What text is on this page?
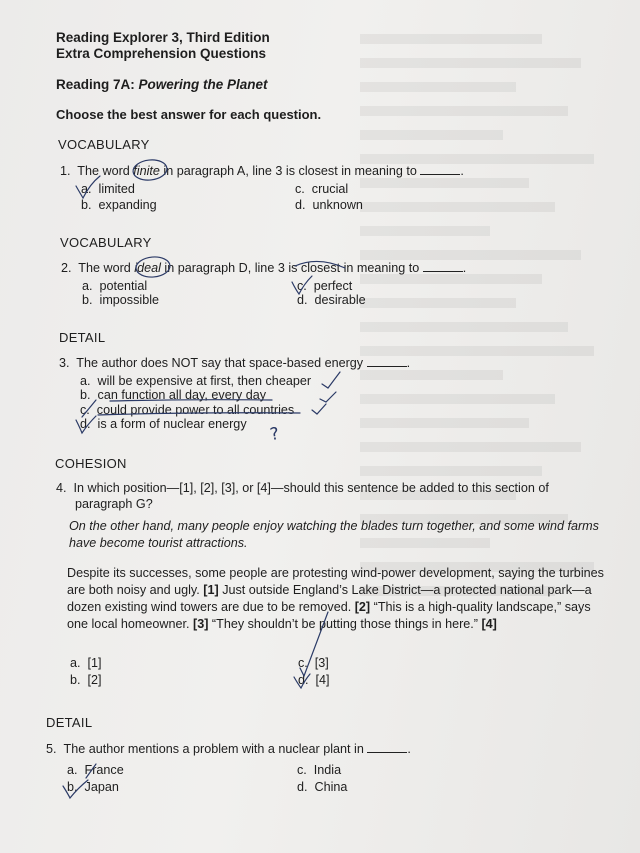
Reading Explorer 3, Third Edition
Extra Comprehension Questions
Reading 7A: Powering the Planet
Choose the best answer for each question.
VOCABULARY
1. The word finite in paragraph A, line 3 is closest in meaning to	.
a. limited
b. expanding
c. crucial
d. unknown
VOCABULARY
2. The word ideal in paragraph D, line 3 is closest in meaning to	.
a. potential
b. impossible
c. perfect
d. desirable
DETAIL
3. The author does NOT say that space-based energy	.
a. will be expensive at first, then cheaper
b. can function all day, every day
c. could provide power to all countries
d. is a form of nuclear energy
COHESION
4. In which position—[1], [2], [3], or [4]—should this sentence be added to this section of
paragraph G?
On the other hand, many people enjoy watching the blades turn together, and some wind farms have become tourist attractions.
Despite its successes, some people are protesting wind-power development, saying the turbines are both noisy and ugly. [1] Just outside England’s Lake District—a protected national park—a dozen existing wind towers are due to be removed. [2] “This is a high-quality landscape,” says one local homeowner. [3] “They shouldn’t be putting those things in here.” [4]
a. [1]
b. [2]
c. [3]
d. [4]
DETAIL
5. The author mentions a problem with a nuclear plant in	.
a. France
b. Japan
c. India
d. China
?
